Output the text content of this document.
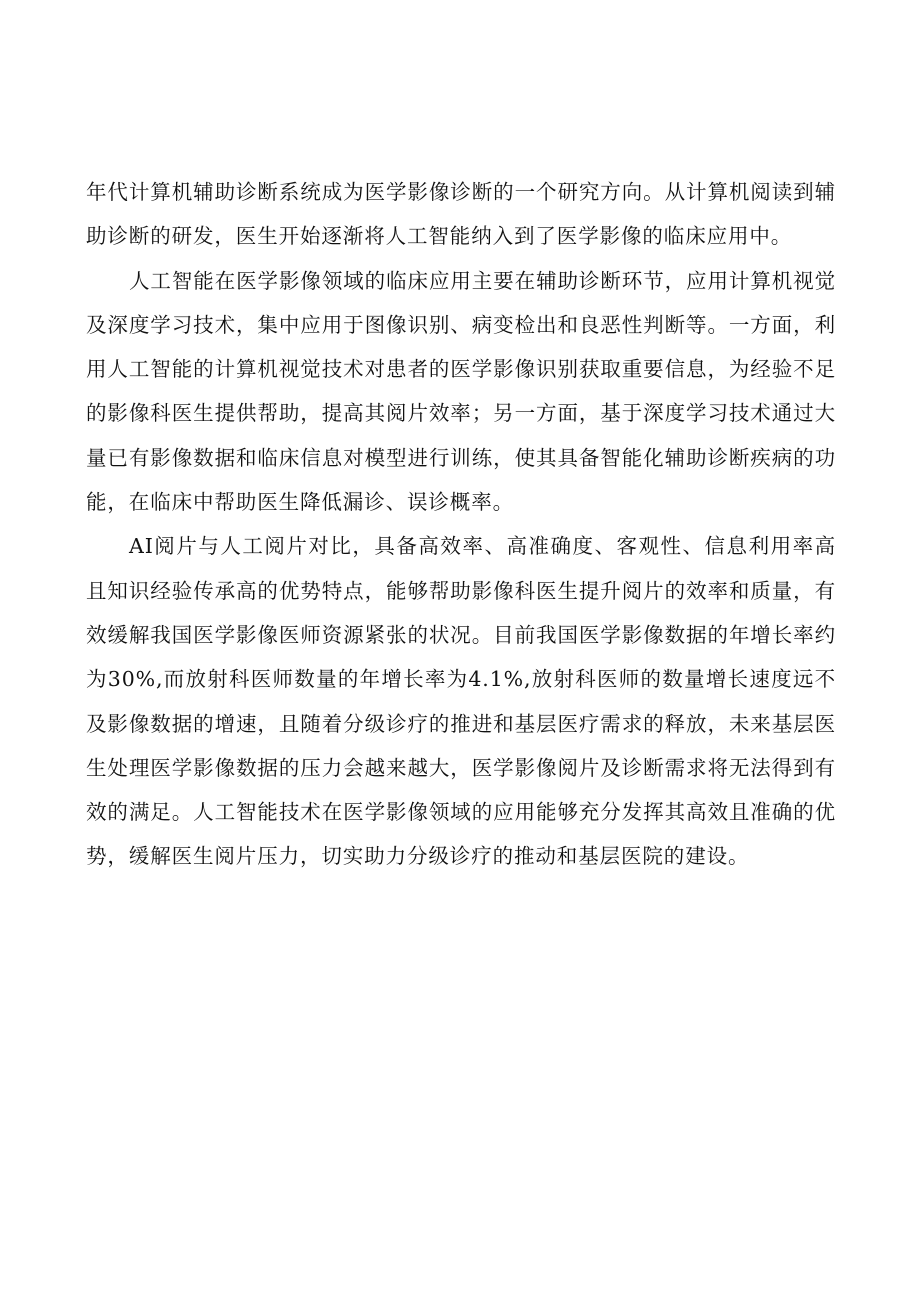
年代计算机辅助诊断系统成为医学影像诊断的一个研究方向。从计算机阅读到辅助诊断的研发，医生开始逐渐将人工智能纳入到了医学影像的临床应用中。

人工智能在医学影像领域的临床应用主要在辅助诊断环节，应用计算机视觉及深度学习技术，集中应用于图像识别、病变检出和良恶性判断等。一方面，利用人工智能的计算机视觉技术对患者的医学影像识别获取重要信息，为经验不足的影像科医生提供帮助，提高其阅片效率；另一方面，基于深度学习技术通过大量已有影像数据和临床信息对模型进行训练，使其具备智能化辅助诊断疾病的功能，在临床中帮助医生降低漏诊、误诊概率。

AI阅片与人工阅片对比，具备高效率、高准确度、客观性、信息利用率高且知识经验传承高的优势特点，能够帮助影像科医生提升阅片的效率和质量，有效缓解我国医学影像医师资源紧张的状况。目前我国医学影像数据的年增长率约为30%,而放射科医师数量的年增长率为4.1%,放射科医师的数量增长速度远不及影像数据的增速，且随着分级诊疗的推进和基层医疗需求的释放，未来基层医生处理医学影像数据的压力会越来越大，医学影像阅片及诊断需求将无法得到有效的满足。人工智能技术在医学影像领域的应用能够充分发挥其高效且准确的优势，缓解医生阅片压力，切实助力分级诊疗的推动和基层医院的建设。
